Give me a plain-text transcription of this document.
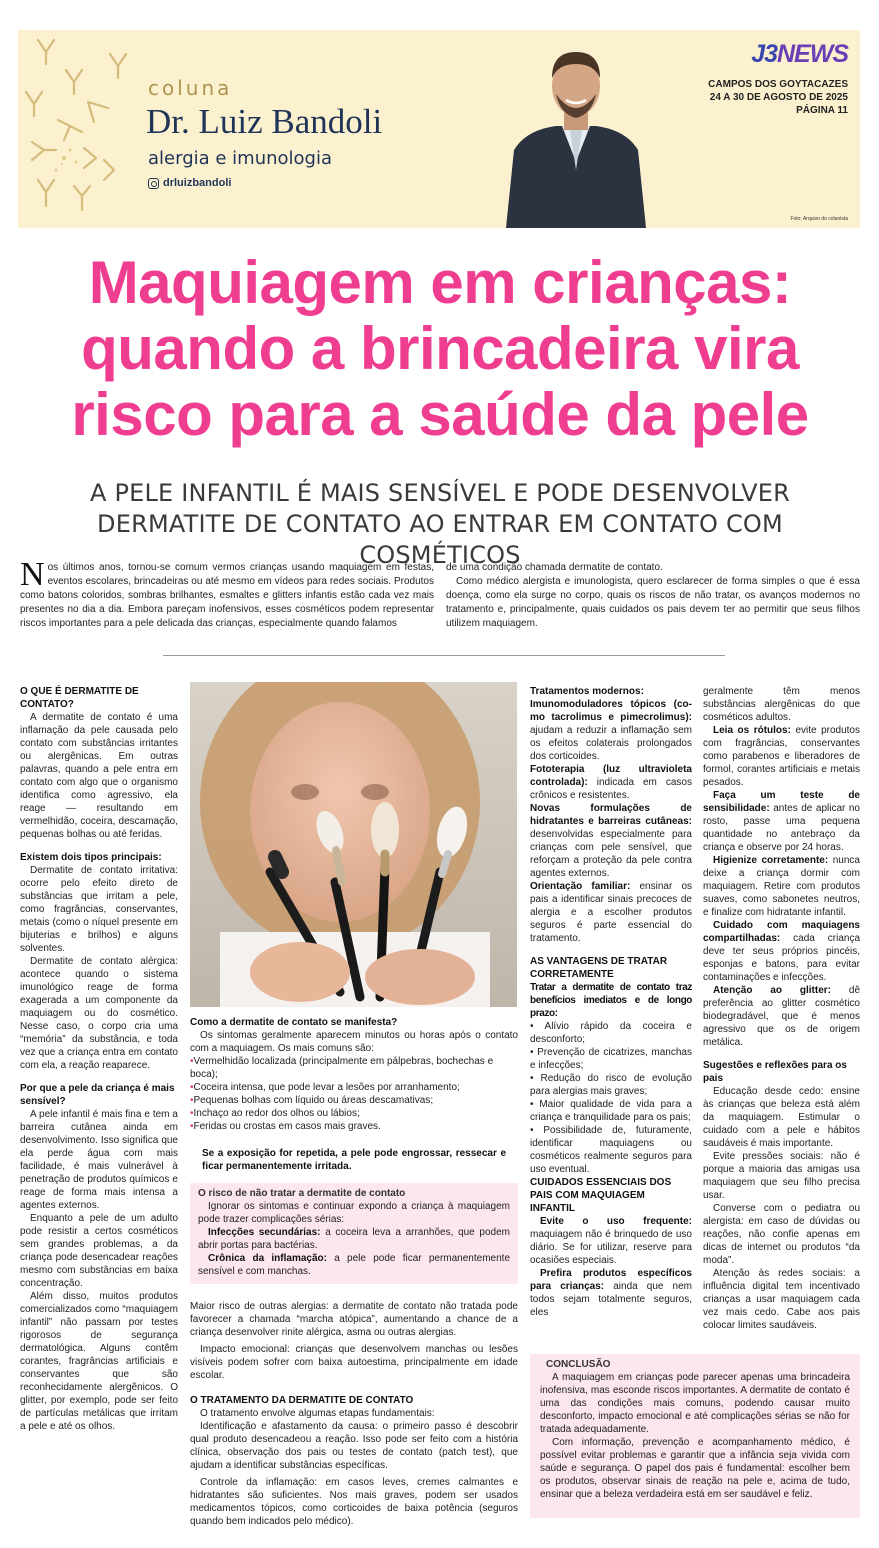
coluna
Dr. Luiz Bandoli
alergia e imunologia
drluizbandoli
J3NEWS
CAMPOS DOS GOYTACAZES
24 A 30 DE AGOSTO DE 2025
PÁGINA 11
Foto: Arquivo do colunista
Maquiagem em crianças:
quando a brincadeira vira
risco para a saúde da pele
A PELE INFANTIL É MAIS SENSÍVEL E PODE DESENVOLVER
DERMATITE DE CONTATO AO ENTRAR EM CONTATO COM COSMÉTICOS

Nos últimos anos, tornou-se comum vermos crianças usando maquiagem em festas, eventos escolares, brincadeiras ou até mesmo em vídeos para redes sociais. Produtos como batons coloridos, sombras brilhantes, esmaltes e glitters infantis estão cada vez mais presentes no dia a dia. Embora pareçam inofensivos, esses cosméticos podem representar riscos importantes para a pele delicada das crianças, especialmente quando falamos

de uma condição chamada dermatite de contato.

Como médico alergista e imunologista, quero esclarecer de forma simples o que é essa doença, como ela surge no corpo, quais os riscos de não tratar, os avanços modernos no tratamento e, principalmente, quais cuidados os pais devem ter ao permitir que seus filhos utilizem maquiagem.

O QUE É DERMATITE DE CONTATO?

A dermatite de contato é uma inflamação da pele causada pelo contato com substâncias irritantes ou alergênicas. Em outras palavras, quando a pele entra em contato com algo que o organismo identifica como agressivo, ela reage — resultando em vermelhidão, coceira, descamação, pequenas bolhas ou até feridas.

Existem dois tipos principais:

Dermatite de contato irritativa: ocorre pelo efeito direto de substâncias que irritam a pele, como fragrâncias, conservantes, metais (como o níquel presente em bijuterias e brilhos) e alguns solventes.

Dermatite de contato alérgica: acontece quando o sistema imunológico reage de forma exagerada a um componente da maquiagem ou do cosmético. Nesse caso, o corpo cria uma “memória” da substância, e toda vez que a criança entra em contato com ela, a reação reaparece.

Por que a pele da criança é mais sensível?

A pele infantil é mais fina e tem a barreira cutânea ainda em desenvolvimento. Isso significa que ela perde água com mais facilidade, é mais vulnerável à penetração de produtos químicos e reage de forma mais intensa a agentes externos.

Enquanto a pele de um adulto pode resistir a certos cosméticos sem grandes problemas, a da criança pode desencadear reações mesmo com substâncias em baixa concentração.

Além disso, muitos produtos comercializados como “maquiagem infantil” não passam por testes rigorosos de segurança dermatológica. Alguns contêm corantes, fragrâncias artificiais e conservantes que são reconhecidamente alergênicos. O glitter, por exemplo, pode ser feito de partículas metálicas que irritam a pele e até os olhos.

Como a dermatite de contato se manifesta?

Os sintomas geralmente aparecem minutos ou horas após o contato com a maquiagem. Os mais comuns são:

•Vermelhidão localizada (principalmente em pálpebras, bochechas e boca);
•Coceira intensa, que pode levar a lesões por arranhamento;
•Pequenas bolhas com líquido ou áreas descamativas;
•Inchaço ao redor dos olhos ou lábios;
•Feridas ou crostas em casos mais graves.

Se a exposição for repetida, a pele pode engrossar, ressecar e ficar permanentemente irritada.

O risco de não tratar a dermatite de contato

Ignorar os sintomas e continuar expondo a criança à maquiagem pode trazer complicações sérias:

Infecções secundárias: a coceira leva a arranhões, que podem abrir portas para bactérias.

Crônica da inflamação: a pele pode ficar permanentemente sensível e com manchas.

Maior risco de outras alergias: a dermatite de contato não tratada pode favorecer a chamada “marcha atópica”, aumentando a chance de a criança desenvolver rinite alérgica, asma ou outras alergias.

Impacto emocional: crianças que desenvolvem manchas ou lesões visíveis podem sofrer com baixa autoestima, principalmente em idade escolar.

O TRATAMENTO DA DERMATITE DE CONTATO

O tratamento envolve algumas etapas fundamentais:

Identificação e afastamento da causa: o primeiro passo é descobrir qual produto desencadeou a reação. Isso pode ser feito com a história clínica, observação dos pais ou testes de contato (patch test), que ajudam a identificar substâncias específicas.

Controle da inflamação: em casos leves, cremes calmantes e hidratantes são suficientes. Nos mais graves, podem ser usados medicamentos tópicos, como corticoides de baixa potência (seguros quando bem indicados pelo médico).

Tratamentos modernos:

Imunomoduladores tópicos (co-mo tacrolimus e pimecrolimus): ajudam a reduzir a inflamação sem os efeitos colaterais prolongados dos corticoides.

Fototerapia (luz ultravioleta controlada): indicada em casos crônicos e resistentes.

Novas formulações de hidratantes e barreiras cutâneas: desenvolvidas especialmente para crianças com pele sensível, que reforçam a proteção da pele contra agentes externos.

Orientação familiar: ensinar os pais a identificar sinais precoces de alergia e a escolher produtos seguros é parte essencial do tratamento.

AS VANTAGENS DE TRATAR CORRETAMENTE

Tratar a dermatite de contato traz benefícios imediatos e de longo prazo:

• Alívio rápido da coceira e desconforto;

• Prevenção de cicatrizes, manchas e infecções;

• Redução do risco de evolução para alergias mais graves;

• Maior qualidade de vida para a criança e tranquilidade para os pais;

• Possibilidade de, futuramente, identificar maquiagens ou cosméticos realmente seguros para uso eventual.

CUIDADOS ESSENCIAIS DOS PAIS COM MAQUIAGEM INFANTIL

Evite o uso frequente: maquiagem não é brinquedo de uso diário. Se for utilizar, reserve para ocasiões especiais.

Prefira produtos específicos para crianças: ainda que nem todos sejam totalmente seguros, eles

geralmente têm menos substâncias alergênicas do que cosméticos adultos.

Leia os rótulos: evite produtos com fragrâncias, conservantes como parabenos e liberadores de formol, corantes artificiais e metais pesados.

Faça um teste de sensibilidade: antes de aplicar no rosto, passe uma pequena quantidade no antebraço da criança e observe por 24 horas.

Higienize corretamente: nunca deixe a criança dormir com maquiagem. Retire com produtos suaves, como sabonetes neutros, e finalize com hidratante infantil.

Cuidado com maquiagens compartilhadas: cada criança deve ter seus próprios pincéis, esponjas e batons, para evitar contaminações e infecções.

Atenção ao glitter: dê preferência ao glitter cosmético biodegradável, que é menos agressivo que os de origem metálica.

Sugestões e reflexões para os pais

Educação desde cedo: ensine às crianças que beleza está além da maquiagem. Estimular o cuidado com a pele e hábitos saudáveis é mais importante.

Evite pressões sociais: não é porque a maioria das amigas usa maquiagem que seu filho precisa usar.

Converse com o pediatra ou alergista: em caso de dúvidas ou reações, não confie apenas em dicas de internet ou produtos “da moda”.

Atenção às redes sociais: a influência digital tem incentivado crianças a usar maquiagem cada vez mais cedo. Cabe aos pais colocar limites saudáveis.

CONCLUSÃO

A maquiagem em crianças pode parecer apenas uma brincadeira inofensiva, mas esconde riscos importantes. A dermatite de contato é uma das condições mais comuns, podendo causar muito desconforto, impacto emocional e até complicações sérias se não for tratada adequadamente.

Com informação, prevenção e acompanhamento médico, é possível evitar problemas e garantir que a infância seja vivida com saúde e segurança. O papel dos pais é fundamental: escolher bem os produtos, observar sinais de reação na pele e, acima de tudo, ensinar que a beleza verdadeira está em ser saudável e feliz.
